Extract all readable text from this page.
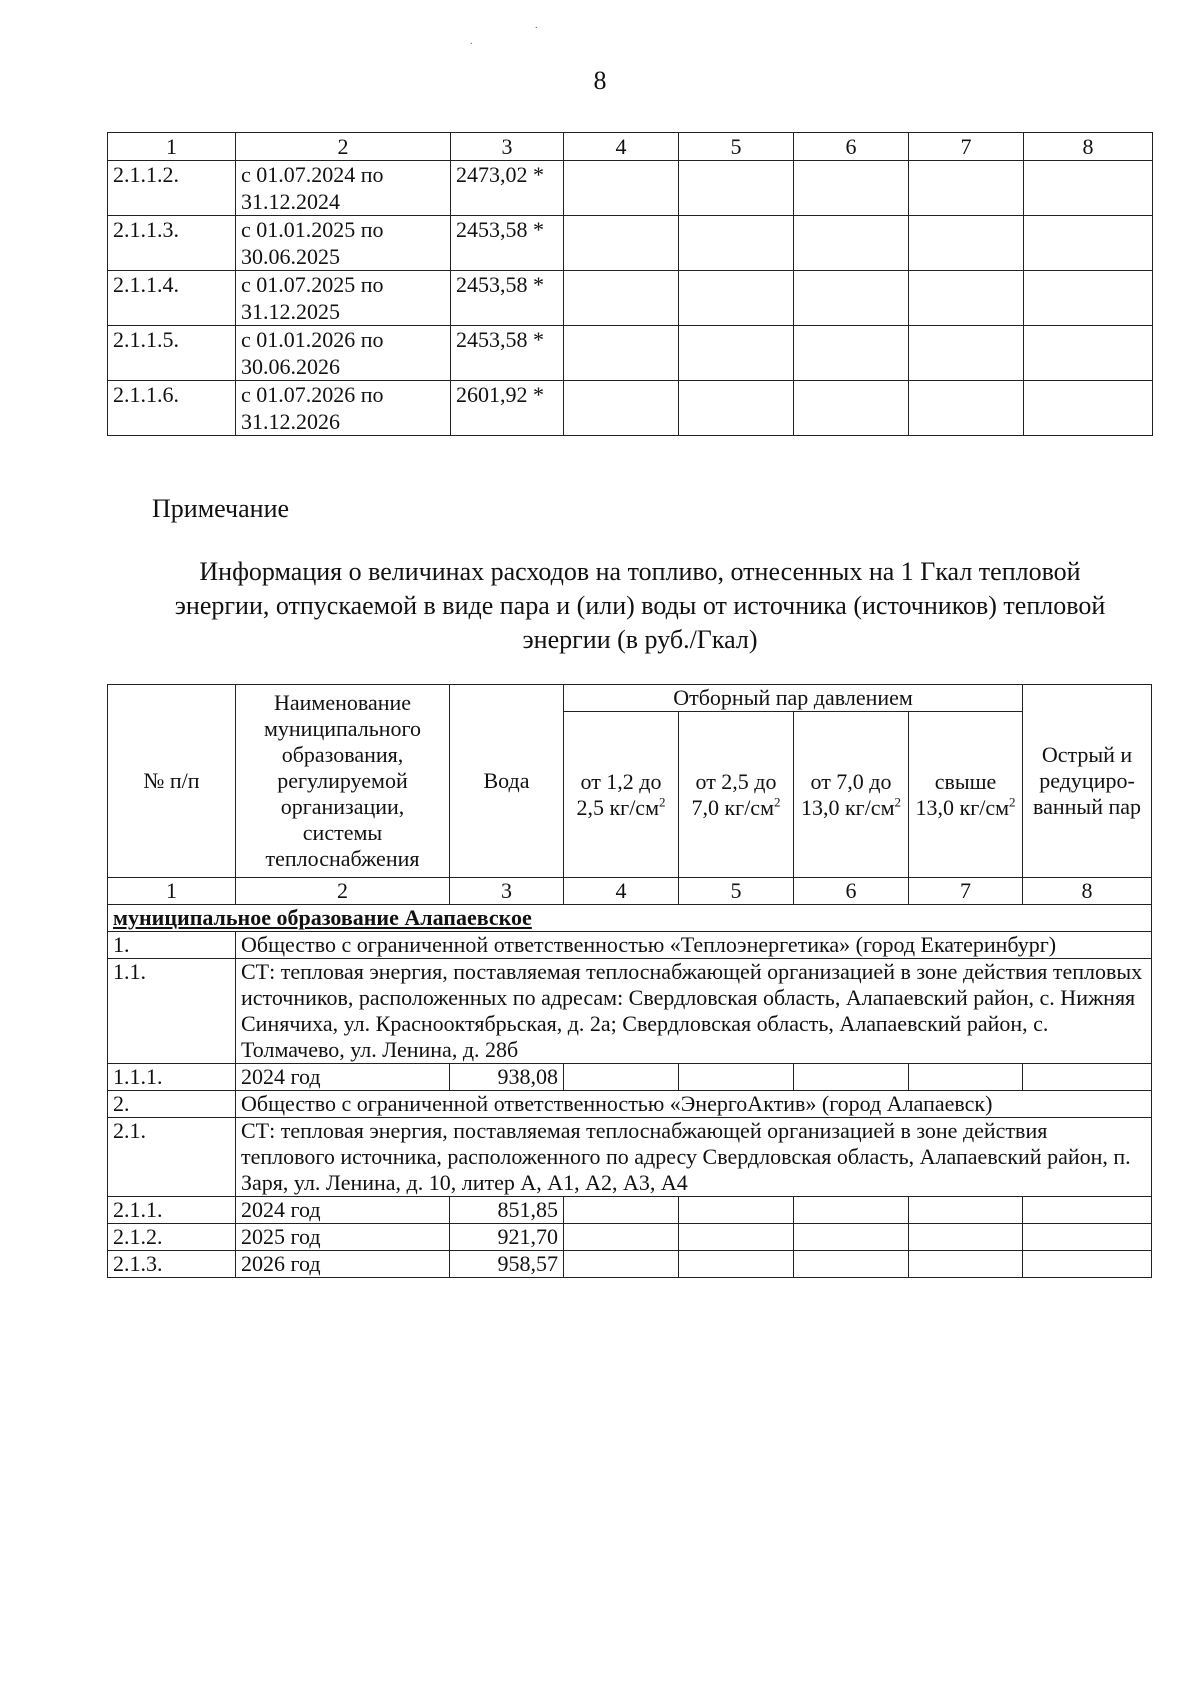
.
.
8
1	2	3	4	5	6	7	8
2.1.1.2.	с 01.07.2024 по 31.12.2024	2473,02 *					
2.1.1.3.	с 01.01.2025 по 30.06.2025	2453,58 *					
2.1.1.4.	с 01.07.2025 по 31.12.2025	2453,58 *					
2.1.1.5.	с 01.01.2026 по 30.06.2026	2453,58 *					
2.1.1.6.	с 01.07.2026 по 31.12.2026	2601,92 *					
Примечание
Информация о величинах расходов на топливо, отнесенных на 1 Гкал тепловой энергии, отпускаемой в виде пара и (или) воды от источника (источников) тепловой энергии (в руб./Гкал)
№ п/п	Наименование муниципального образования, регулируемой организации, системы теплоснабжения	Вода	Отборный пар давлением				Острый и редуциро-ванный пар
			от 1,2 до 2,5 $кг/см^2$	от 2,5 до 7,0 $кг/см^2$	от 7,0 до 13,0 $кг/см^2$	свыше 13,0 $кг/см^2$
1	2	3	4	5	6	7	8
муниципальное образование Алапаевское							
1.	Общество с ограниченной ответственностью «Теплоэнергетика» (город Екатеринбург)						
1.1.	СТ: тепловая энергия, поставляемая теплоснабжающей организацией в зоне действия тепловых источников, расположенных по адресам: Свердловская область, Алапаевский район, с. Нижняя Синячиха, ул. Краснооктябрьская, д. 2а; Свердловская область, Алапаевский район, с. Толмачево, ул. Ленина, д. 28б						
1.1.1.	2024 год	938,08					
2.	Общество с ограниченной ответственностью «ЭнергоАктив» (город Алапаевск)						
2.1.	СТ: тепловая энергия, поставляемая теплоснабжающей организацией в зоне действия теплового источника, расположенного по адресу Свердловская область, Алапаевский район, п. Заря, ул. Ленина, д. 10, литер А, А1, А2, А3, А4						
2.1.1.	2024 год	851,85					
2.1.2.	2025 год	921,70					
2.1.3.	2026 год	958,57					
